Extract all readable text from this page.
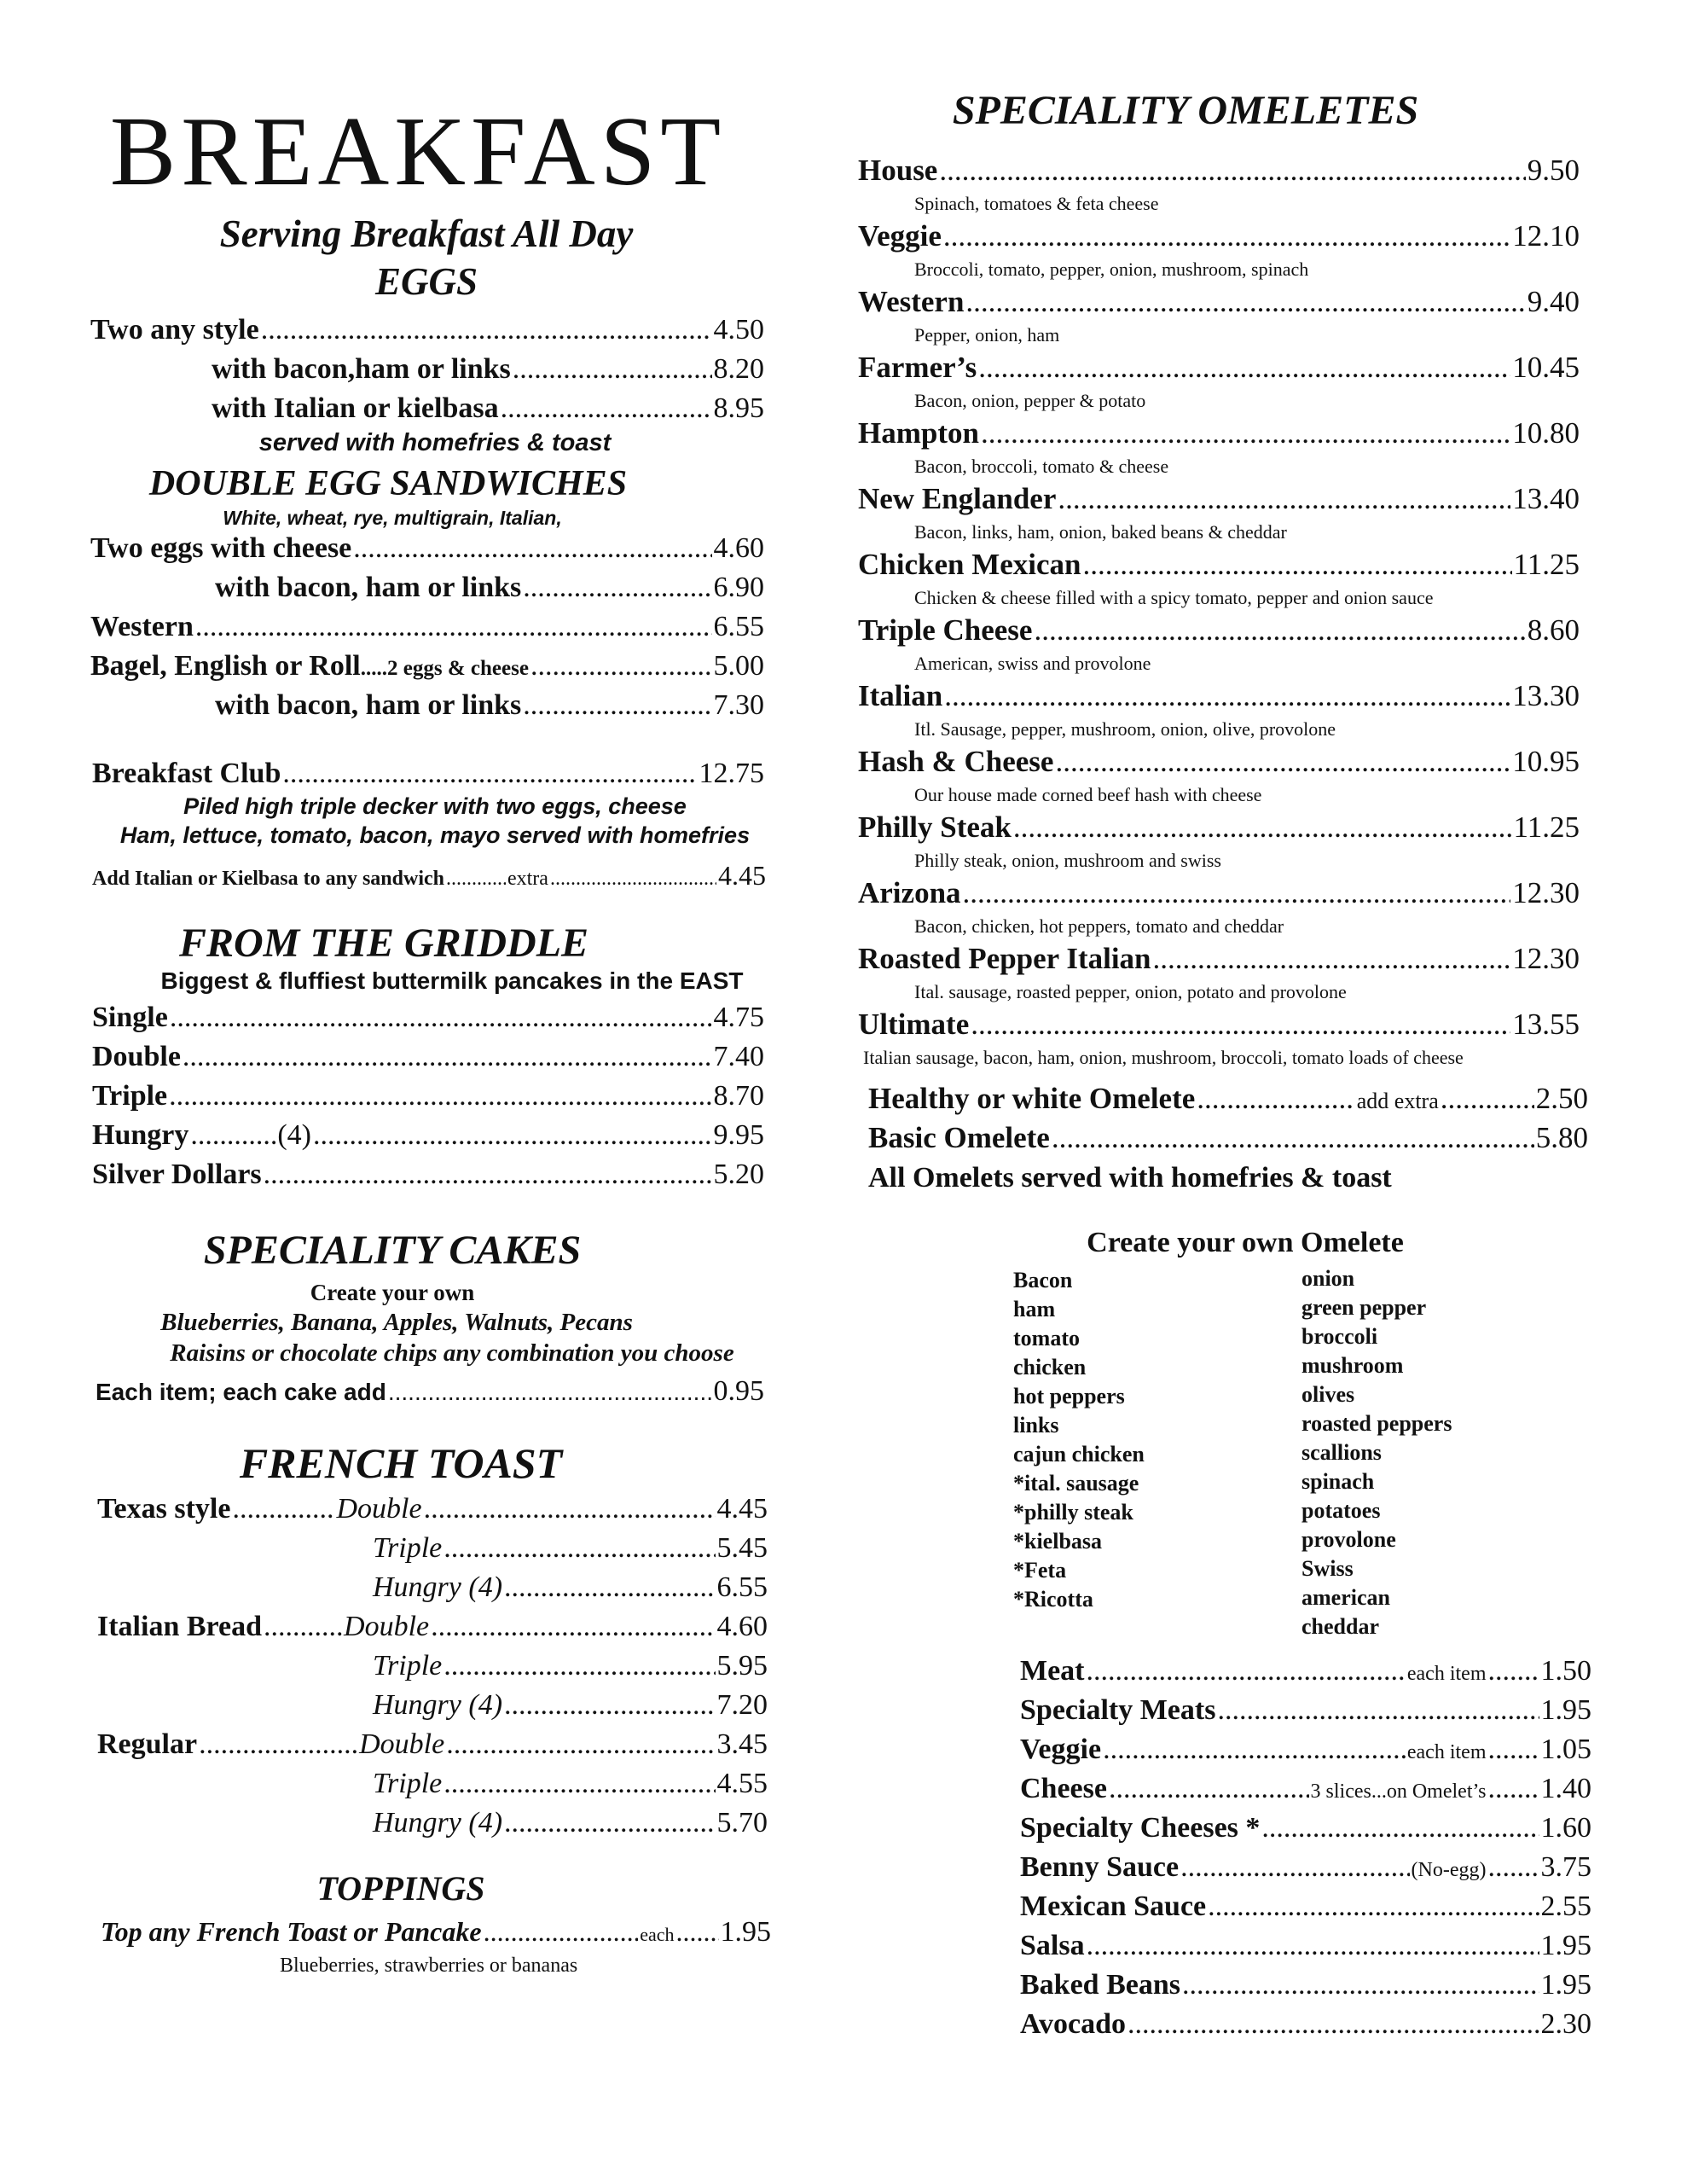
BREAKFAST
Serving Breakfast All Day
EGGS
Two any style .....	4.50
with bacon,ham or links .....	8.20
with Italian or kielbasa .....	8.95
served with homefries & toast
DOUBLE EGG SANDWICHES
White, wheat, rye, multigrain, Italian,
Two eggs with cheese .....	4.60
with bacon, ham or links .....	6.90
Western .....	6.55
Bagel, English or Roll .....2 eggs & cheese .....	5.00
with bacon, ham or links .....	7.30
Breakfast Club .....	12.75
Piled high triple decker with two eggs, cheese
Ham, lettuce, tomato, bacon, mayo served with homefries
Add Italian or Kielbasa to any sandwich .....	extra .....	4.45
FROM THE GRIDDLE
Biggest & fluffiest buttermilk pancakes in the EAST
Single .....	4.75
Double .....	7.40
Triple .....	8.70
Hungry .....	(4) .....	9.95
Silver Dollars .....	5.20
SPECIALITY CAKES
Create your own
Blueberries, Banana, Apples, Walnuts, Pecans
Raisins or chocolate chips any combination you choose
Each item; each cake add .....	0.95
FRENCH TOAST
Texas style .....	Double .....	4.45
Triple .....	5.45
Hungry (4) .....	6.55
Italian Bread .....	Double .....	4.60
Triple .....	5.95
Hungry (4) .....	7.20
Regular .....	Double .....	3.45
Triple .....	4.55
Hungry (4) .....	5.70
TOPPINGS
Top any French Toast or Pancake .....	each ..... 1.95
Blueberries, strawberries or bananas
SPECIALITY OMELETES
House .....	9.50
Spinach, tomatoes & feta cheese
Veggie .....	12.10
Broccoli, tomato, pepper, onion, mushroom, spinach
Western .....	9.40
Pepper, onion, ham
Farmer’s .....	10.45
Bacon, onion, pepper & potato
Hampton .....	10.80
Bacon, broccoli, tomato & cheese
New Englander .....	13.40
Bacon, links, ham, onion, baked beans & cheddar
Chicken Mexican .....	11.25
Chicken & cheese filled with a spicy tomato, pepper and onion sauce
Triple Cheese .....	8.60
American, swiss and provolone
Italian .....	13.30
Itl. Sausage, pepper, mushroom, onion, olive, provolone
Hash & Cheese .....	10.95
Our house made corned beef hash with cheese
Philly Steak .....	11.25
Philly steak, onion, mushroom and swiss
Arizona .....	12.30
Bacon, chicken, hot peppers, tomato and cheddar
Roasted Pepper Italian .....	12.30
Ital. sausage, roasted pepper, onion, potato and provolone
Ultimate .....	13.55
Italian sausage, bacon, ham, onion, mushroom, broccoli, tomato loads of cheese
Healthy or white Omelete .....	add extra .....	2.50
Basic Omelete .....	5.80
All Omelets served with homefries & toast
Create your own Omelete
Bacon
ham
tomato
chicken
hot peppers
links
cajun chicken
*ital. sausage
*philly steak
*kielbasa
*Feta
*Ricotta
onion
green pepper
broccoli
mushroom
olives
roasted peppers
scallions
spinach
potatoes
provolone
Swiss
american
cheddar
Meat .....	each item ..... 1.50
Specialty Meats .....	1.95
Veggie .....	each item ..... 1.05
Cheese .....	3 slices...on Omelet’s ..... 1.40
Specialty Cheeses * .....	1.60
Benny Sauce .....	(No-egg) ..... 3.75
Mexican Sauce .....	2.55
Salsa .....	1.95
Baked Beans .....	1.95
Avocado .....	2.30
